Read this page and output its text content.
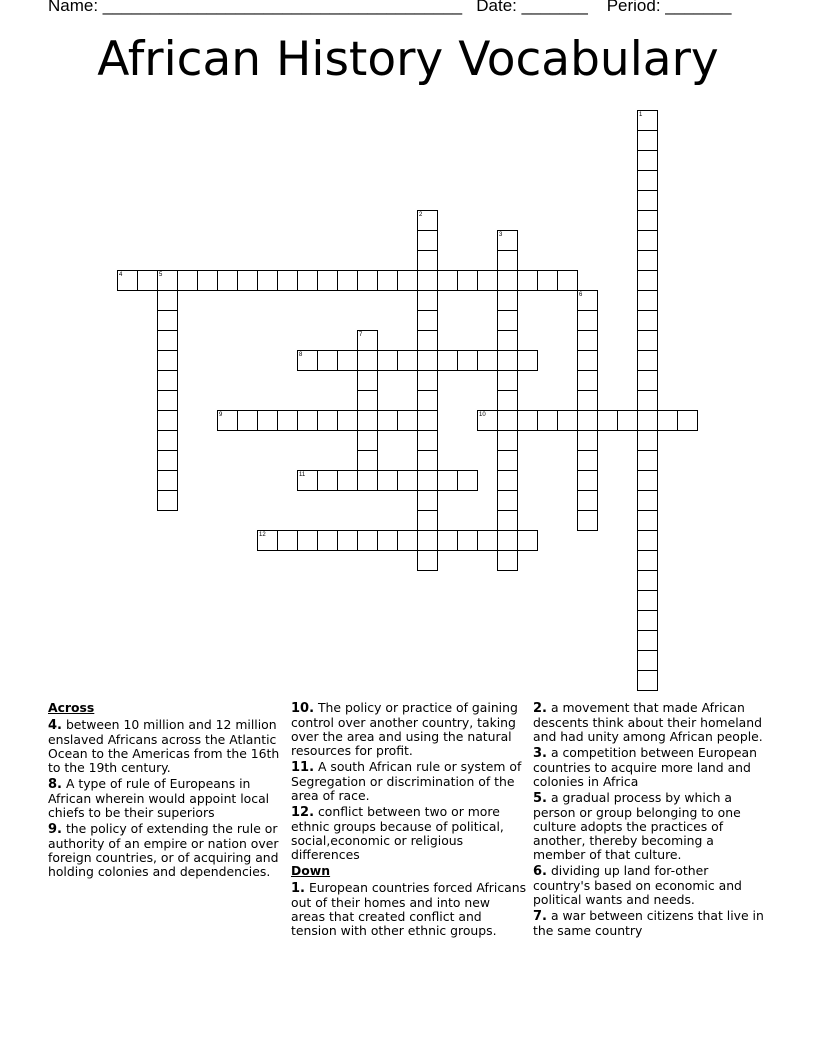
Name: ______________________________________ Date: _______ Period: _______
African History Vocabulary
1
2
3
4	5
6
7
8
9	10
11
12
Across
4. between 10 million and 12 million enslaved Africans across the Atlantic Ocean to the Americas from the 16th to the 19th century.
8. A type of rule of Europeans in African wherein would appoint local chiefs to be their superiors
9. the policy of extending the rule or authority of an empire or nation over foreign countries, or of acquiring and holding colonies and dependencies.
10. The policy or practice of gaining control over another country, taking over the area and using the natural resources for profit.
11. A south African rule or system of Segregation or discrimination of the area of race.
12. conflict between two or more ethnic groups because of political, social,economic or religious differences
Down
1. European countries forced Africans out of their homes and into new areas that created conflict and tension with other ethnic groups.
2. a movement that made African descents think about their homeland and had unity among African people.
3. a competition between European countries to acquire more land and colonies in Africa
5. a gradual process by which a person or group belonging to one culture adopts the practices of another, thereby becoming a member of that culture.
6. dividing up land for-other country's based on economic and political wants and needs.
7. a war between citizens that live in the same country
